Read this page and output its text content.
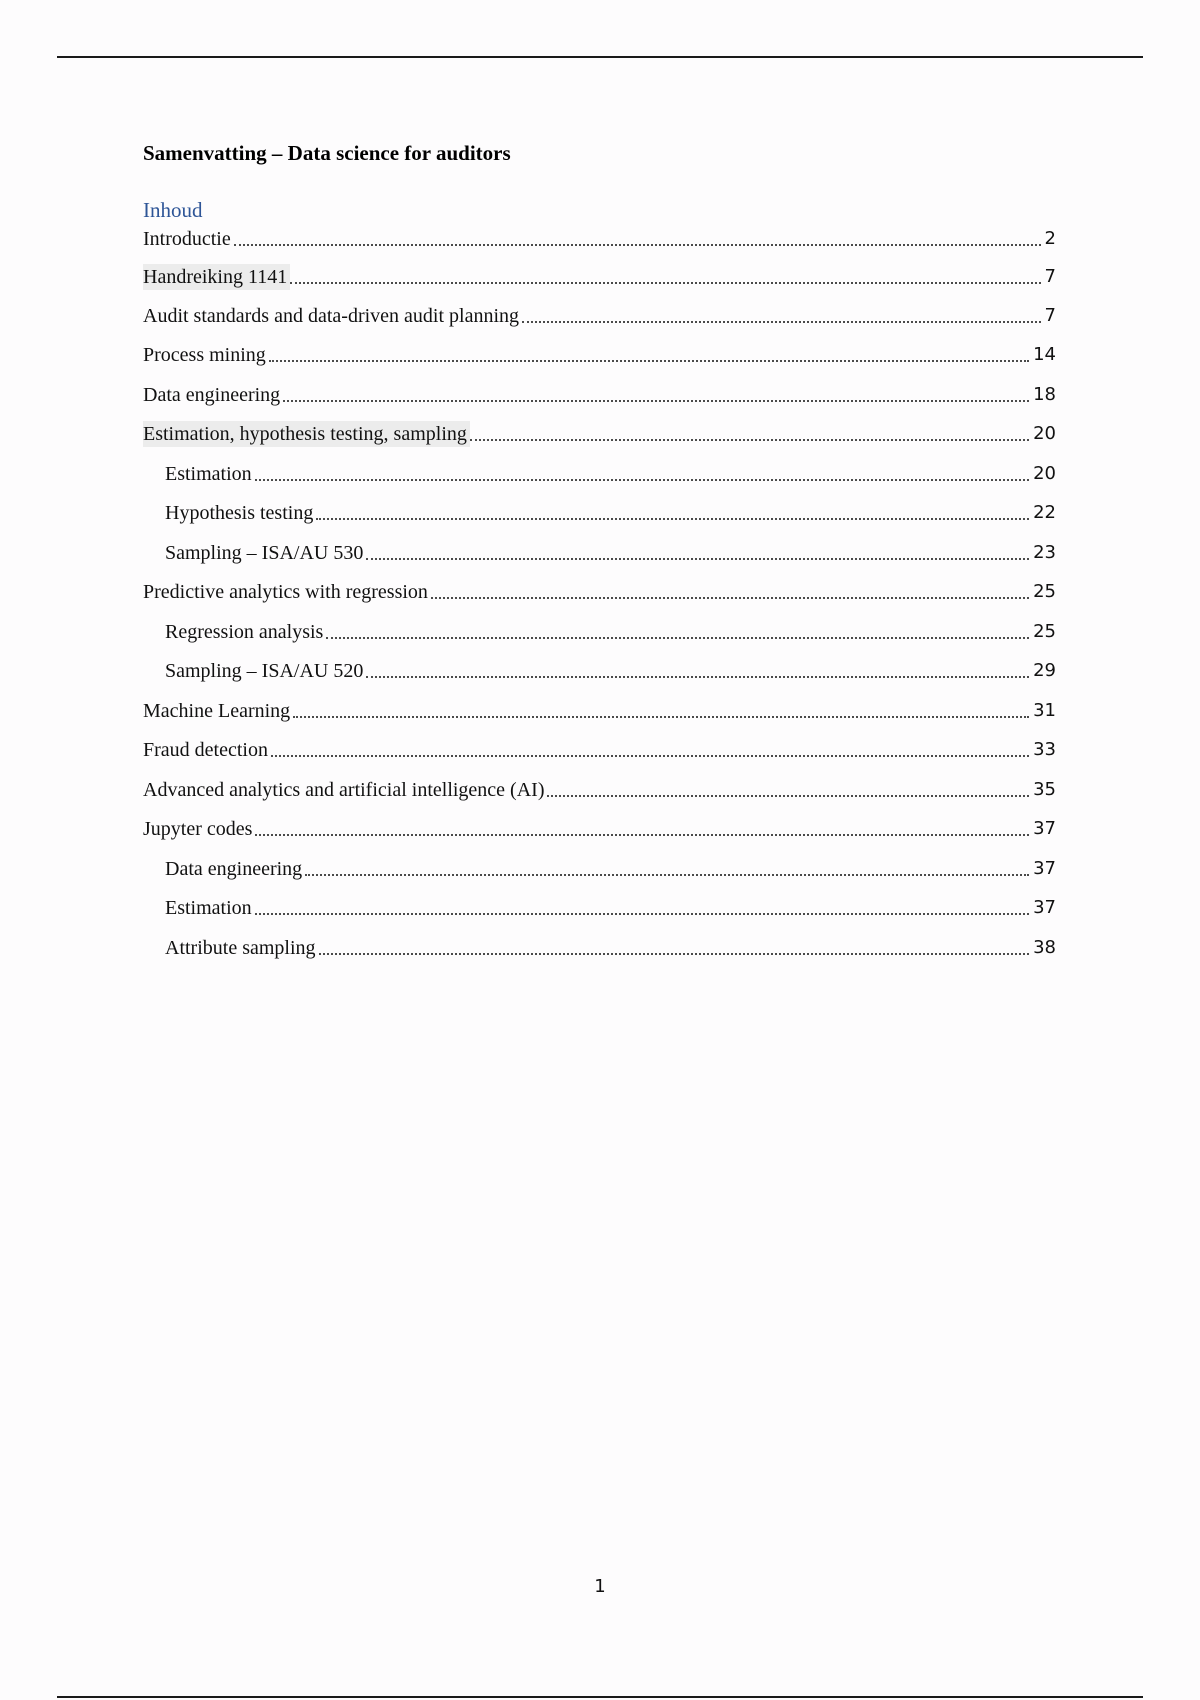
Samenvatting – Data science for auditors
Inhoud
Introductie	2
Handreiking 1141	7
Audit standards and data-driven audit planning	7
Process mining	14
Data engineering	18
Estimation, hypothesis testing, sampling	20
Estimation	20
Hypothesis testing	22
Sampling – ISA/AU 530	23
Predictive analytics with regression	25
Regression analysis	25
Sampling – ISA/AU 520	29
Machine Learning	31
Fraud detection	33
Advanced analytics and artificial intelligence (AI)	35
Jupyter codes	37
Data engineering	37
Estimation	37
Attribute sampling	38
1
